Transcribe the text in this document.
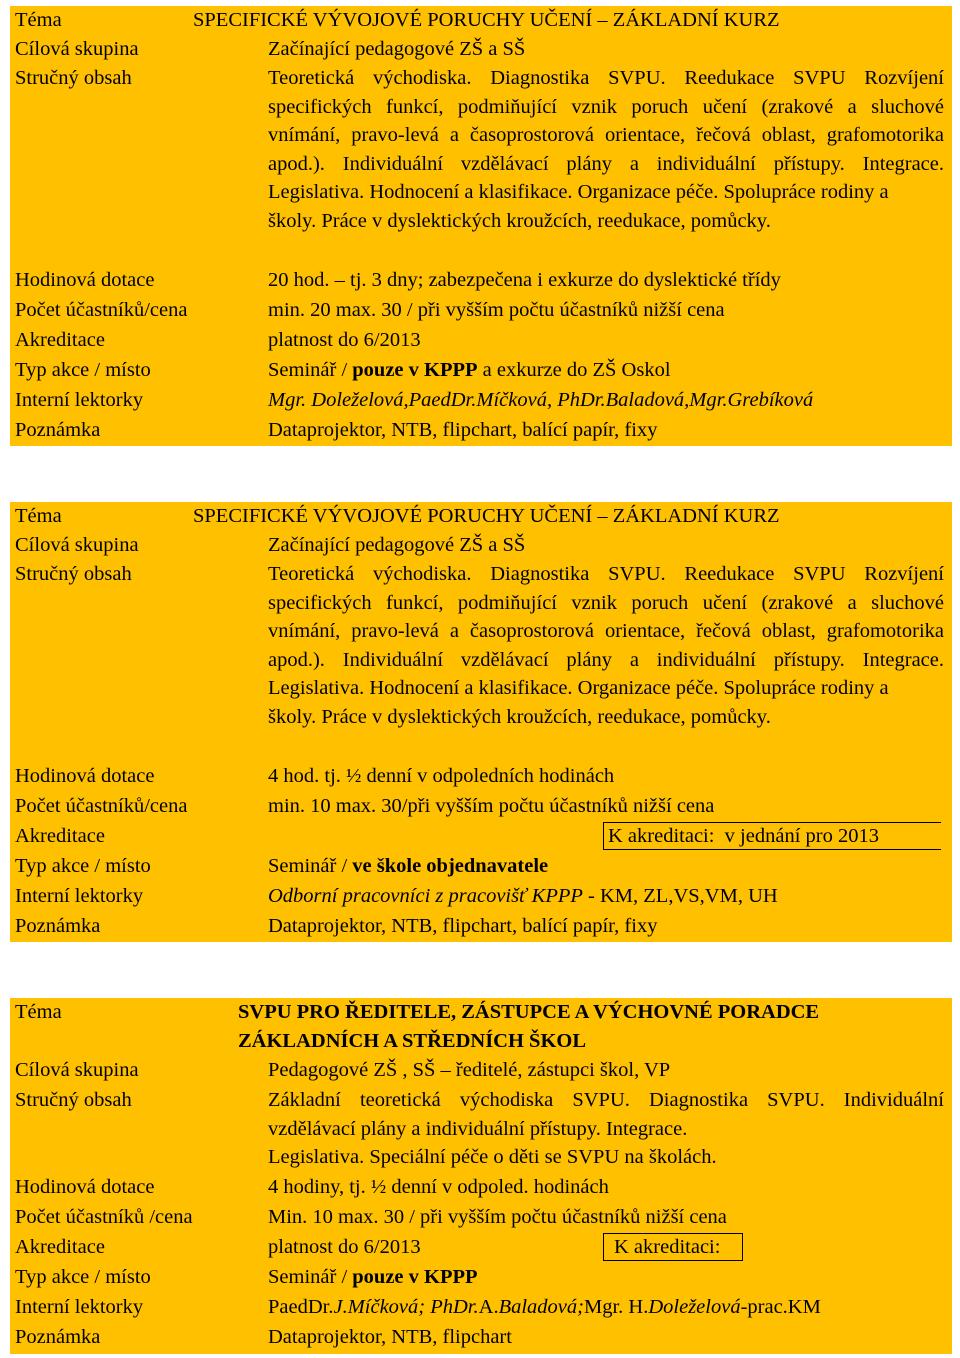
Téma	SPECIFICKÉ VÝVOJOVÉ PORUCHY UČENÍ – ZÁKLADNÍ KURZ
Cílová skupina	Začínající pedagogové ZŠ a SŠ
Stručný obsah	Teoretická východiska. Diagnostika SVPU. Reedukace SVPU Rozvíjení specifických funkcí, podmiňující vznik poruch učení (zrakové a sluchové vnímání, pravo-levá a časoprostorová orientace, řečová oblast, grafomotorika apod.). Individuální vzdělávací plány a individuální přístupy. Integrace. Legislativa. Hodnocení a klasifikace. Organizace péče. Spolupráce rodiny a
školy. Práce v dyslektických kroužcích, reedukace, pomůcky.
Hodinová dotace	20 hod. – tj. 3 dny; zabezpečena i exkurze do dyslektické třídy
Počet účastníků/cena	min. 20 max. 30 / při vyšším počtu účastníků nižší cena
Akreditace	platnost do 6/2013
Typ akce / místo	Seminář / pouze v KPPP a exkurze do ZŠ Oskol
Interní lektorky	Mgr. Doleželová,PaedDr.Míčková, PhDr.Baladová,Mgr.Grebíková
Poznámka	Dataprojektor, NTB, flipchart, balící papír, fixy
Téma	SPECIFICKÉ VÝVOJOVÉ PORUCHY UČENÍ – ZÁKLADNÍ KURZ
Cílová skupina	Začínající pedagogové ZŠ a SŠ
Stručný obsah	Teoretická východiska. Diagnostika SVPU. Reedukace SVPU Rozvíjení specifických funkcí, podmiňující vznik poruch učení (zrakové a sluchové vnímání, pravo-levá a časoprostorová orientace, řečová oblast, grafomotorika apod.). Individuální vzdělávací plány a individuální přístupy. Integrace. Legislativa. Hodnocení a klasifikace. Organizace péče. Spolupráce rodiny a
školy. Práce v dyslektických kroužcích, reedukace, pomůcky.
Hodinová dotace	4 hod. tj. ½ denní v odpoledních hodinách
Počet účastníků/cena	min. 10 max. 30/při vyšším počtu účastníků nižší cena
Akreditace	K akreditaci:  v jednání pro 2013
Typ akce / místo	Seminář / ve škole objednavatele
Interní lektorky	Odborní pracovníci z pracovišť KPPP - KM, ZL,VS,VM, UH
Poznámka	Dataprojektor, NTB, flipchart, balící papír, fixy
Téma	SVPU PRO ŘEDITELE, ZÁSTUPCE A VÝCHOVNÉ PORADCE
ZÁKLADNÍCH A STŘEDNÍCH ŠKOL
Cílová skupina	Pedagogové ZŠ , SŠ – ředitelé, zástupci škol, VP
Stručný obsah	Základní teoretická východiska SVPU. Diagnostika SVPU. Individuální vzdělávací plány a individuální přístupy. Integrace.
Legislativa. Speciální péče o děti se SVPU na školách.
Hodinová dotace	4 hodiny, tj. ½ denní v odpoled. hodinách
Počet účastníků /cena	Min. 10 max. 30 / při vyšším počtu účastníků nižší cena
Akreditace	platnost do 6/2013	K akreditaci:
Typ akce / místo	Seminář / pouze v KPPP
Interní lektorky	PaedDr.J.Míčková; PhDr.A.Baladová;Mgr. H.Doleželová-prac.KM
Poznámka	Dataprojektor, NTB, flipchart
